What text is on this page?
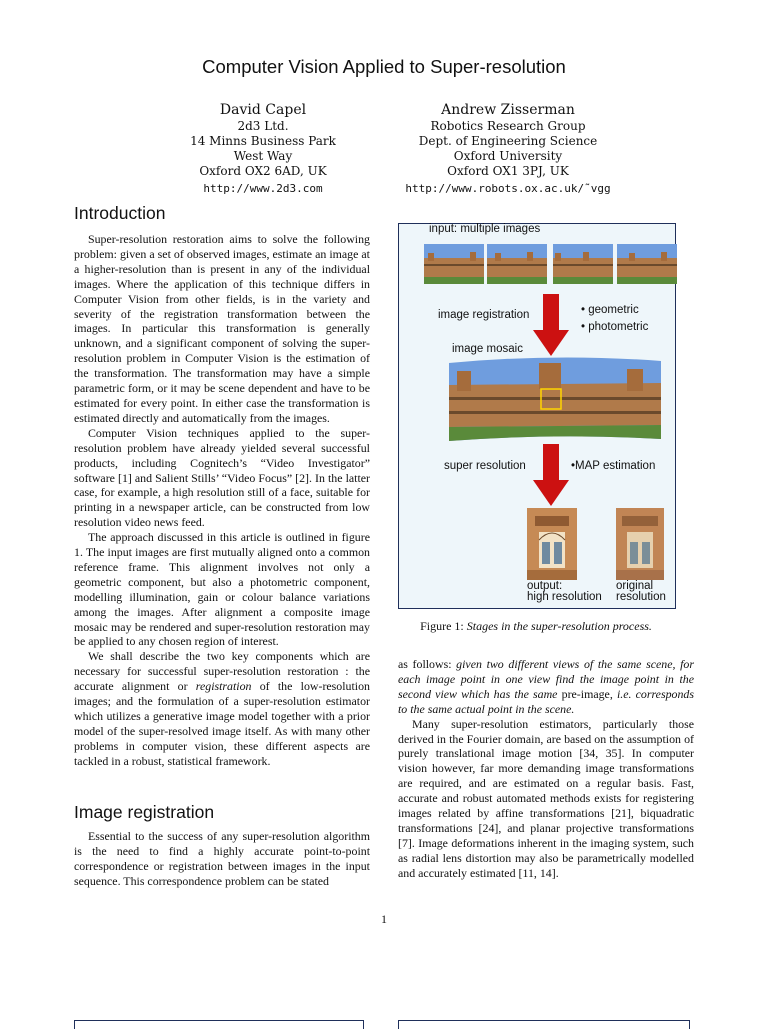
Computer Vision Applied to Super-resolution
David Capel
2d3 Ltd.
14 Minns Business Park
West Way
Oxford OX2 6AD, UK
http://www.2d3.com
Andrew Zisserman
Robotics Research Group
Dept. of Engineering Science
Oxford University
Oxford OX1 3PJ, UK
http://www.robots.ox.ac.uk/˜vgg
Introduction

Super-resolution restoration aims to solve the following problem: given a set of observed images, estimate an image at a higher-resolution than is present in any of the individual images. Where the application of this technique differs in Computer Vision from other fields, is in the variety and severity of the registration transformation between the images. In particular this transformation is generally unknown, and a significant component of solving the super-resolution problem in Computer Vision is the estimation of the transformation. The transformation may have a simple parametric form, or it may be scene dependent and have to be estimated for every point. In either case the transformation is estimated directly and automatically from the images.

Computer Vision techniques applied to the super-resolution problem have already yielded several successful products, including Cognitech’s “Video Investigator” software [1] and Salient Stills’ “Video Focus” [2]. In the latter case, for example, a high resolution still of a face, suitable for printing in a newspaper article, can be constructed from low resolution video news feed.

The approach discussed in this article is outlined in figure 1. The input images are first mutually aligned onto a common reference frame. This alignment involves not only a geometric component, but also a photometric component, modelling illumination, gain or colour balance variations among the images. After alignment a composite image mosaic may be rendered and super-resolution restoration may be applied to any chosen region of interest.

We shall describe the two key components which are necessary for successful super-resolution restoration : the accurate alignment or registration of the low-resolution images; and the formulation of a super-resolution estimator which utilizes a generative image model together with a prior model of the super-resolved image itself. As with many other problems in computer vision, these different aspects are tackled in a robust, statistical framework.

Image registration

Essential to the success of any super-resolution algorithm is the need to find a highly accurate point-to-point correspondence or registration between images in the input sequence. This correspondence problem can be stated

input: multiple images
image registration	• geometric
• photometric
image mosaic
super resolution	•MAP estimation
output:
high resolution
original
resolution
Figure 1: Stages in the super-resolution process.

as follows: given two different views of the same scene, for each image point in one view find the image point in the second view which has the same pre-image, i.e. corresponds to the same actual point in the scene.

Many super-resolution estimators, particularly those derived in the Fourier domain, are based on the assumption of purely translational image motion [34, 35]. In computer vision however, far more demanding image transformations are required, and are estimated on a regular basis. Fast, accurate and robust automated methods exists for registering images related by affine transformations [21], biquadratic transformations [24], and planar projective transformations [7]. Image deformations inherent in the imaging system, such as radial lens distortion may also be parametrically modelled and accurately estimated [11, 14].

1
